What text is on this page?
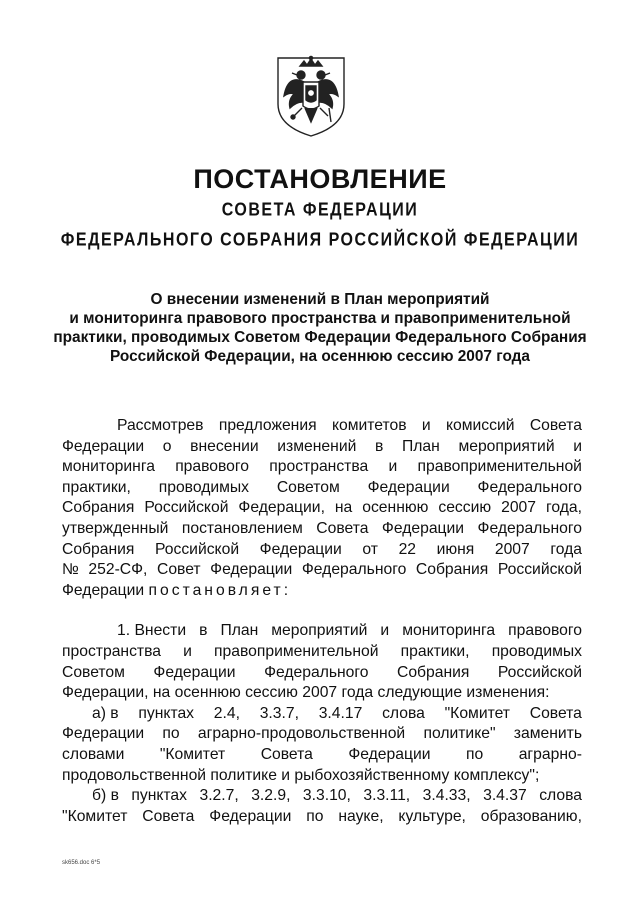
ПОСТАНОВЛЕНИЕ
СОВЕТА ФЕДЕРАЦИИ
ФЕДЕРАЛЬНОГО СОБРАНИЯ РОССИЙСКОЙ ФЕДЕРАЦИИ
О внесении изменений в План мероприятий
и мониторинга правового пространства и правоприменительной
практики, проводимых Советом Федерации Федерального Собрания
Российской Федерации, на осеннюю сессию 2007 года
Рассмотрев предложения комитетов и комиссий Совета
Федерации о внесении изменений в План мероприятий и
мониторинга правового пространства и правоприменительной
практики, проводимых Советом Федерации Федерального
Собрания Российской Федерации, на осеннюю сессию 2007 года,
утвержденный постановлением Совета Федерации Федерального
Собрания Российской Федерации от 22 июня 2007 года
№ 252-СФ, Совет Федерации Федерального Собрания Российской
Федерации постановляет:
1. Внести в План мероприятий и мониторинга правового
пространства и правоприменительной практики, проводимых
Советом Федерации Федерального Собрания Российской
Федерации, на осеннюю сессию 2007 года следующие изменения:
а) в пунктах 2.4, 3.3.7, 3.4.17 слова "Комитет Совета
Федерации по аграрно-продовольственной политике" заменить
словами "Комитет Совета Федерации по аграрно-
продовольственной политике и рыбохозяйственному комплексу";
б) в пунктах 3.2.7, 3.2.9, 3.3.10, 3.3.11, 3.4.33, 3.4.37 слова
"Комитет Совета Федерации по науке, культуре, образованию,
sk656.doc 6*5
